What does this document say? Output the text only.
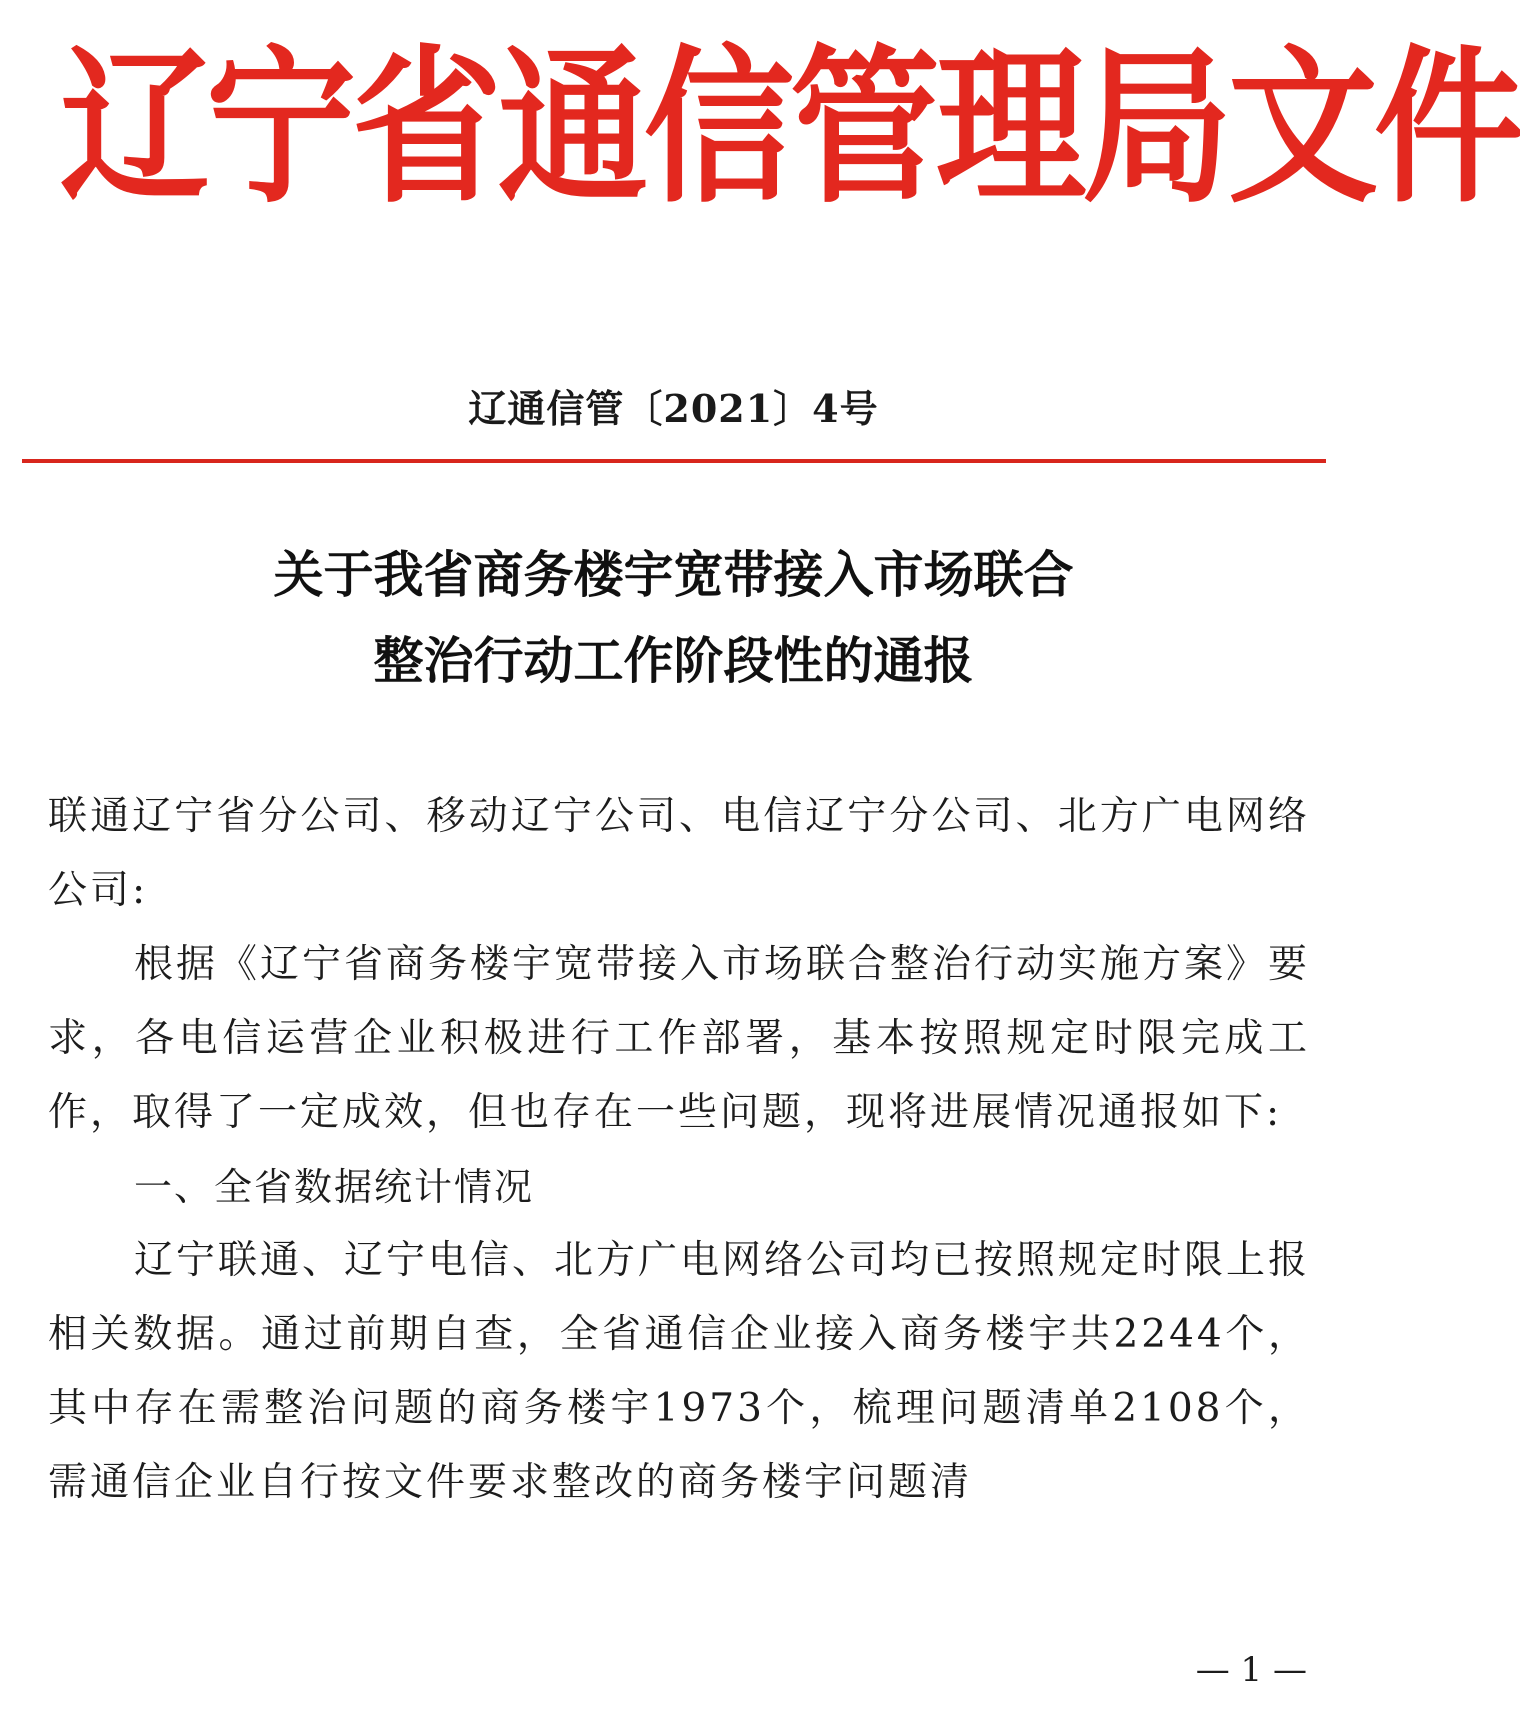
辽宁省通信管理局文件
辽通信管〔2021〕4号
关于我省商务楼宇宽带接入市场联合
整治行动工作阶段性的通报

联通辽宁省分公司、移动辽宁公司、电信辽宁分公司、北方广电网络公司:

根据《辽宁省商务楼宇宽带接入市场联合整治行动实施方案》要求，各电信运营企业积极进行工作部署，基本按照规定时限完成工作，取得了一定成效，但也存在一些问题，现将进展情况通报如下:

一、全省数据统计情况

辽宁联通、辽宁电信、北方广电网络公司均已按照规定时限上报相关数据。通过前期自查，全省通信企业接入商务楼宇共2244个，其中存在需整治问题的商务楼宇1973个，梳理问题清单2108个，需通信企业自行按文件要求整改的商务楼宇问题清

— 1 —
